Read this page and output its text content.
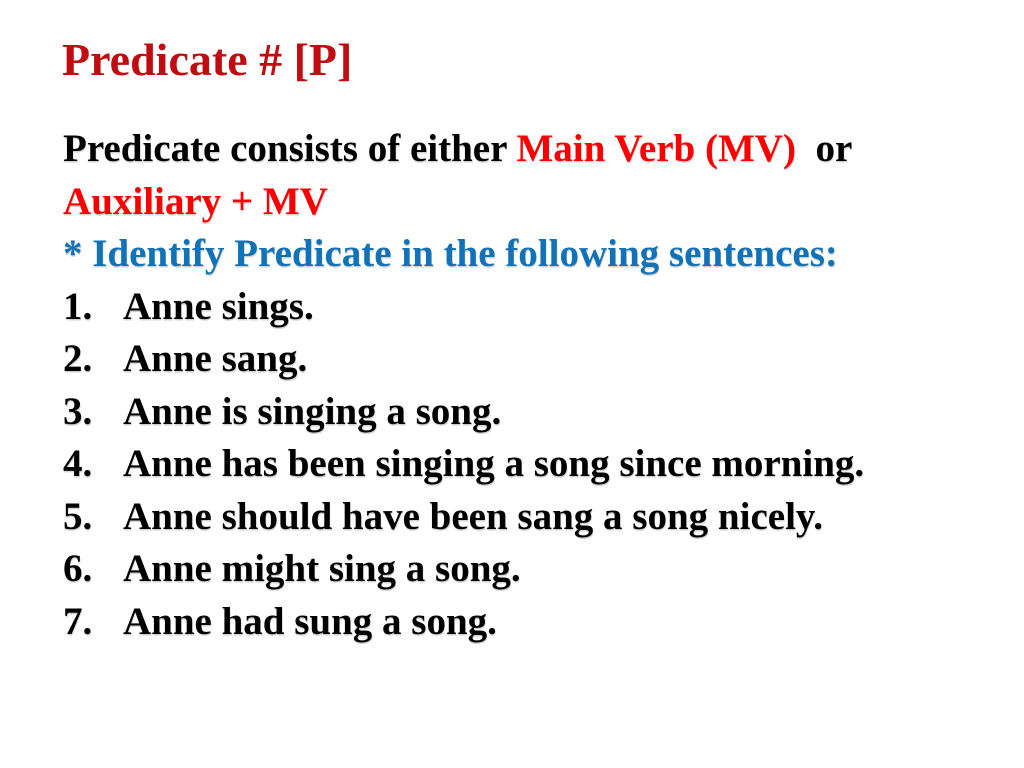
Predicate # [P]

Predicate consists of either Main Verb (MV)  or

Auxiliary + MV

* Identify Predicate in the following sentences:

1. Anne sings.
2. Anne sang.
3. Anne is singing a song.
4. Anne has been singing a song since morning.
5. Anne should have been sang a song nicely.
6. Anne might sing a song.
7. Anne had sung a song.
